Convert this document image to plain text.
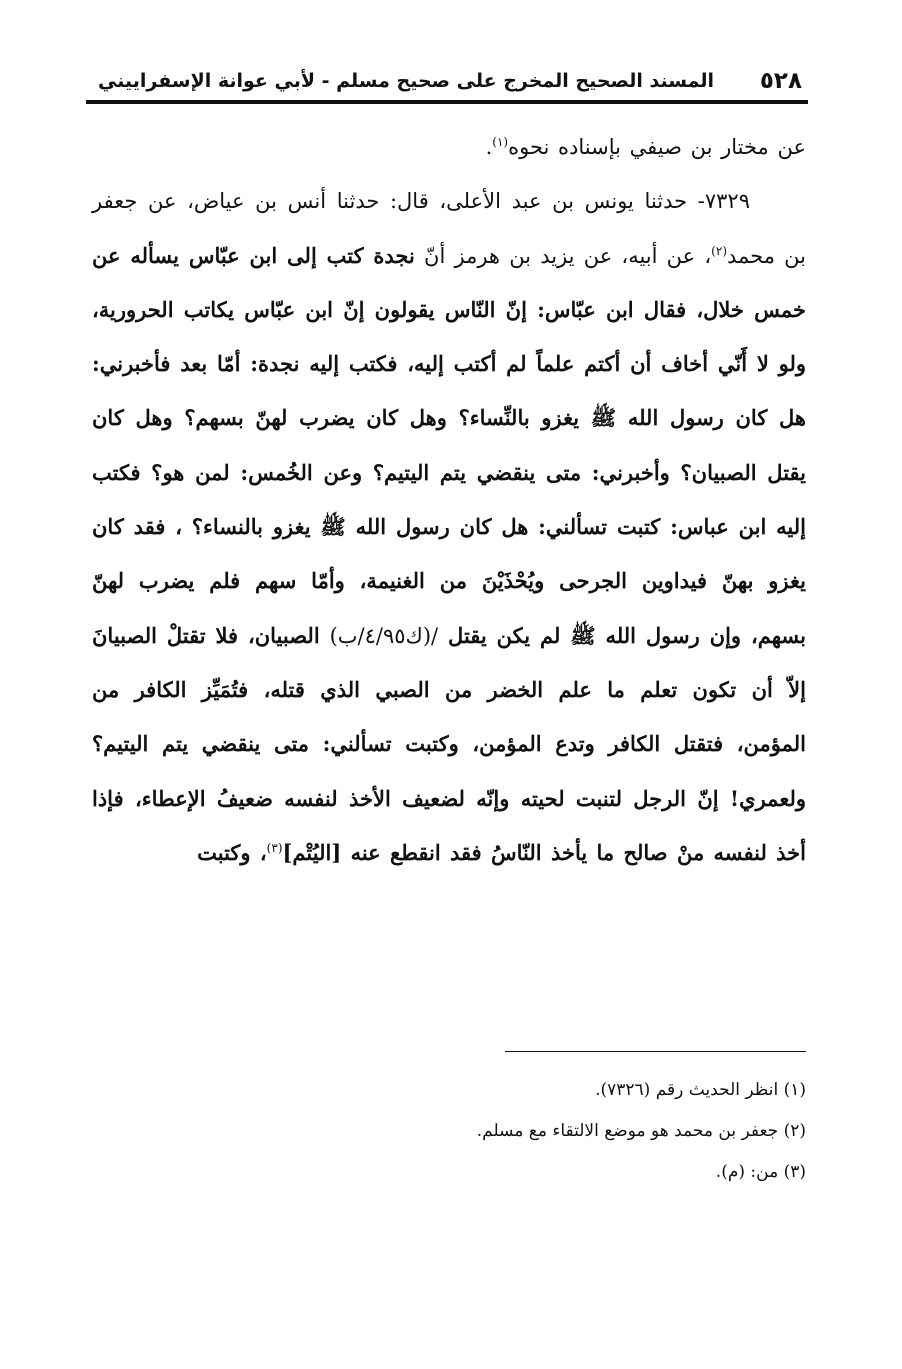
٥٢٨
المسند الصحيح المخرج على صحيح مسلم - لأبي عوانة الإسفراييني

عن مختار بن صيفي بإسناده نحوه$^{(١)}$.

٧٣٢٩- حدثنا يونس بن عبد الأعلى، قال: حدثنا أنس بن عياض، عن جعفر بن محمد$^{(٢)}$، عن أبيه، عن يزيد بن هرمز أنّ نجدة كتب إلى ابن عبّاس يسأله عن خمس خلال، فقال ابن عبّاس: إنّ النّاس يقولون إنّ ابن عبّاس يكاتب الحرورية، ولو لا أَنّي أخاف أن أكتم علماً لم أكتب إليه، فكتب إليه نجدة: أمّا بعد فأخبرني: هل كان رسول الله ﷺ يغزو بالنِّساء؟ وهل كان يضرب لهنّ بسهم؟ وهل كان يقتل الصبيان؟ وأخبرني: متى ينقضي يتم اليتيم؟ وعن الخُمس: لمن هو؟ فكتب إليه ابن عباس: كتبت تسألني: هل كان رسول الله ﷺ يغزو بالنساء؟ ، فقد كان يغزو بهنّ فيداوين الجرحى ويُحْذَيْنَ من الغنيمة، وأمّا سهم فلم يضرب لهنّ بسهم، وإن رسول الله ﷺ لم يكن يقتل /(ك٤/٩٥/ب) الصبيان، فلا تقتلْ الصبيانَ إلاّ أن تكون تعلم ما علم الخضر من الصبي الذي قتله، فتُمَيِّز الكافر من المؤمن، فتقتل الكافر وتدع المؤمن، وكتبت تسألني: متى ينقضي يتم اليتيم؟ ولعمري! إنّ الرجل لتنبت لحيته وإنّه لضعيف الأخذ لنفسه ضعيفُ الإعطاء، فإذا أخذ لنفسه منْ صالح ما يأخذ النّاسُ فقد انقطع عنه [اليُتْم]$^{(٣)}$، وكتبت

(١) انظر الحديث رقم (٧٣٢٦).

(٢) جعفر بن محمد هو موضع الالتقاء مع مسلم.

(٣) من: (م).
